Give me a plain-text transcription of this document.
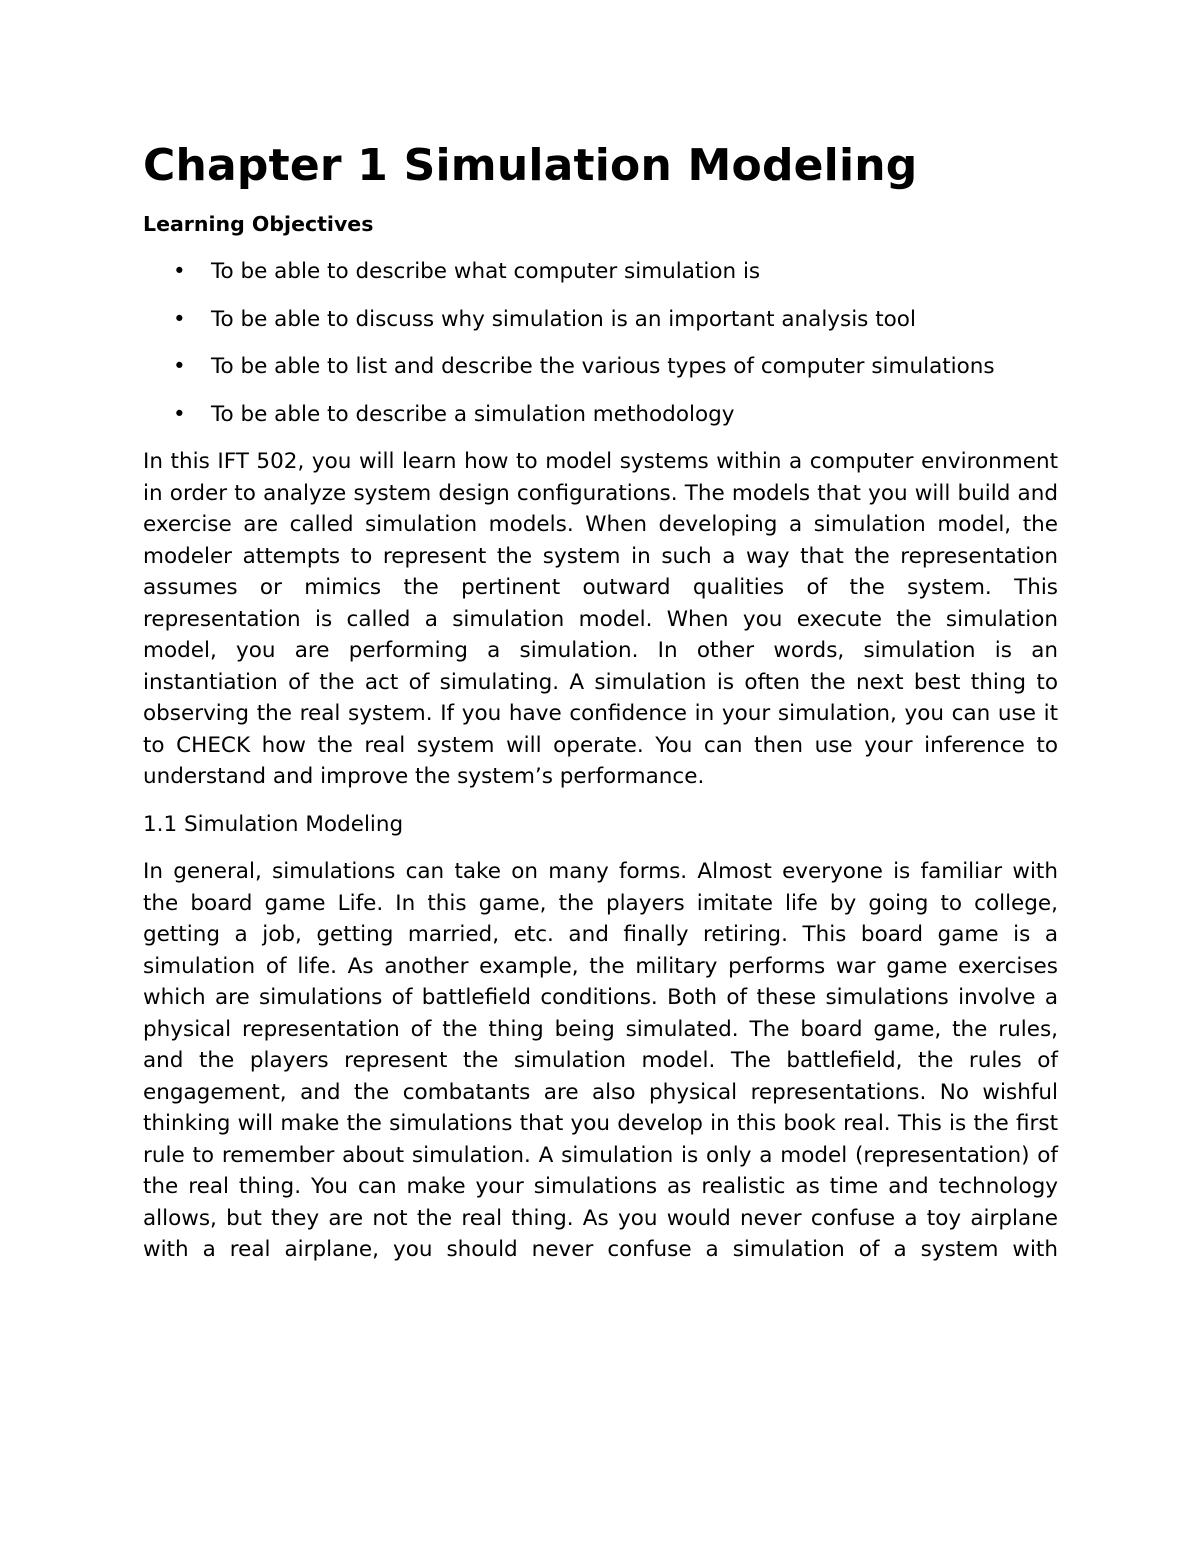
Chapter 1 Simulation Modeling
Learning Objectives
• To be able to describe what computer simulation is
• To be able to discuss why simulation is an important analysis tool
• To be able to list and describe the various types of computer simulations
• To be able to describe a simulation methodology

In this IFT 502, you will learn how to model systems within a computer environment in order to analyze system design configurations. The models that you will build and exercise are called simulation models. When developing a simulation model, the modeler attempts to represent the system in such a way that the representation assumes or mimics the pertinent outward qualities of the system. This representation is called a simulation model. When you execute the simulation model, you are performing a simulation. In other words, simulation is an instantiation of the act of simulating. A simulation is often the next best thing to observing the real system. If you have confidence in your simulation, you can use it to CHECK how the real system will operate. You can then use your inference to understand and improve the system’s performance.

1.1 Simulation Modeling

In general, simulations can take on many forms. Almost everyone is familiar with the board game Life. In this game, the players imitate life by going to college, getting a job, getting married, etc. and finally retiring. This board game is a simulation of life. As another example, the military performs war game exercises which are simulations of battlefield conditions. Both of these simulations involve a physical representation of the thing being simulated. The board game, the rules, and the players represent the simulation model. The battlefield, the rules of engagement, and the combatants are also physical representations. No wishful thinking will make the simulations that you develop in this book real. This is the first rule to remember about simulation. A simulation is only a model (representation) of the real thing. You can make your simulations as realistic as time and technology allows, but they are not the real thing. As you would never confuse a toy airplane with a real airplane, you should never confuse a simulation of a system with
